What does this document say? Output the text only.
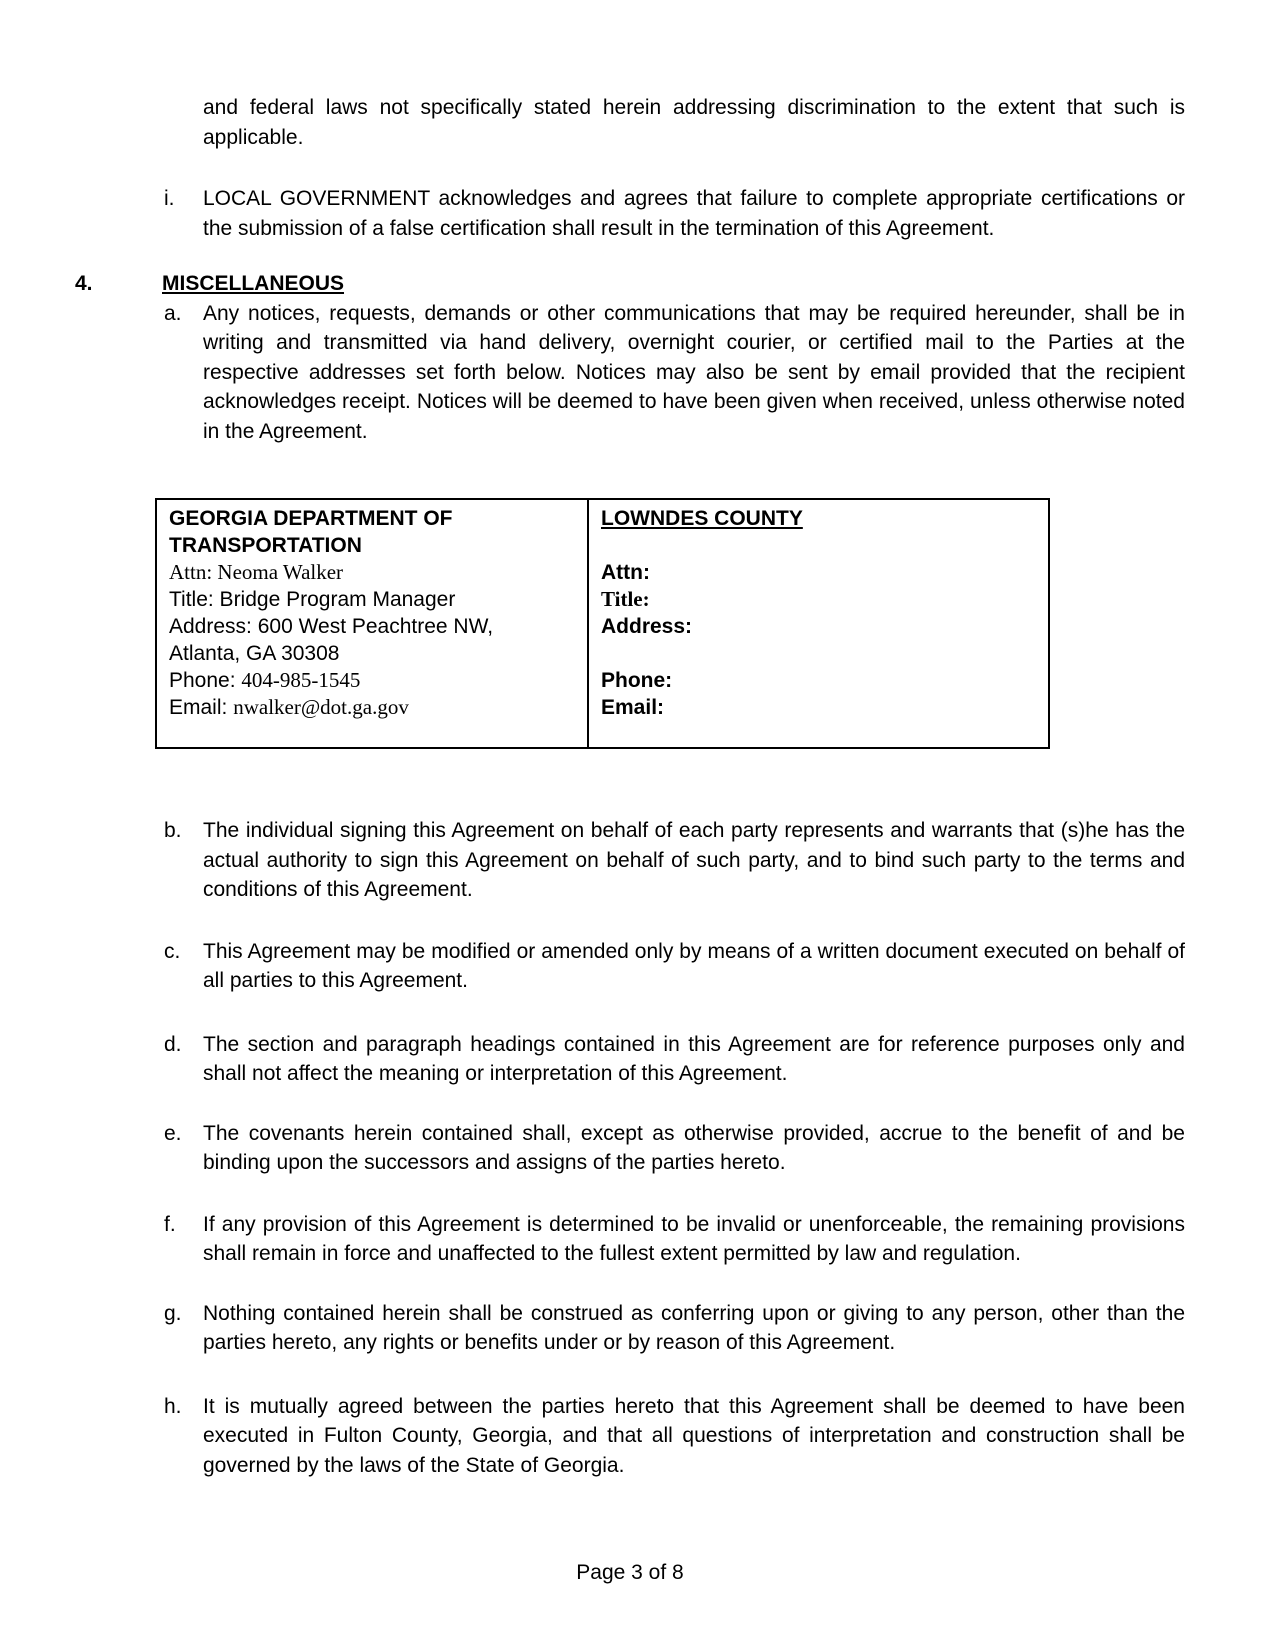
and federal laws not specifically stated herein addressing discrimination to the extent that such is applicable.

i.	LOCAL GOVERNMENT acknowledges and agrees that failure to complete appropriate certifications or the submission of a false certification shall result in the termination of this Agreement.
4.	MISCELLANEOUS
a.	Any notices, requests, demands or other communications that may be required hereunder, shall be in writing and transmitted via hand delivery, overnight courier, or certified mail to the Parties at the respective addresses set forth below. Notices may also be sent by email provided that the recipient acknowledges receipt. Notices will be deemed to have been given when received, unless otherwise noted in the Agreement.
GEORGIA DEPARTMENT OF
TRANSPORTATION
Attn: Neoma Walker
Title: Bridge Program Manager
Address: 600 West Peachtree NW,
Atlanta, GA 30308
Phone: 404-985-1545
Email: nwalker@dot.ga.gov

LOWNDES COUNTY
Attn:
Title:
Address:
Phone:
Email:
b.	The individual signing this Agreement on behalf of each party represents and warrants that (s)he has the actual authority to sign this Agreement on behalf of such party, and to bind such party to the terms and conditions of this Agreement.
c.	This Agreement may be modified or amended only by means of a written document executed on behalf of all parties to this Agreement.
d.	The section and paragraph headings contained in this Agreement are for reference purposes only and shall not affect the meaning or interpretation of this Agreement.
e.	The covenants herein contained shall, except as otherwise provided, accrue to the benefit of and be binding upon the successors and assigns of the parties hereto.
f.	If any provision of this Agreement is determined to be invalid or unenforceable, the remaining provisions shall remain in force and unaffected to the fullest extent permitted by law and regulation.
g.	Nothing contained herein shall be construed as conferring upon or giving to any person, other than the parties hereto, any rights or benefits under or by reason of this Agreement.
h.	It is mutually agreed between the parties hereto that this Agreement shall be deemed to have been executed in Fulton County, Georgia, and that all questions of interpretation and construction shall be governed by the laws of the State of Georgia.
Page 3 of 8
